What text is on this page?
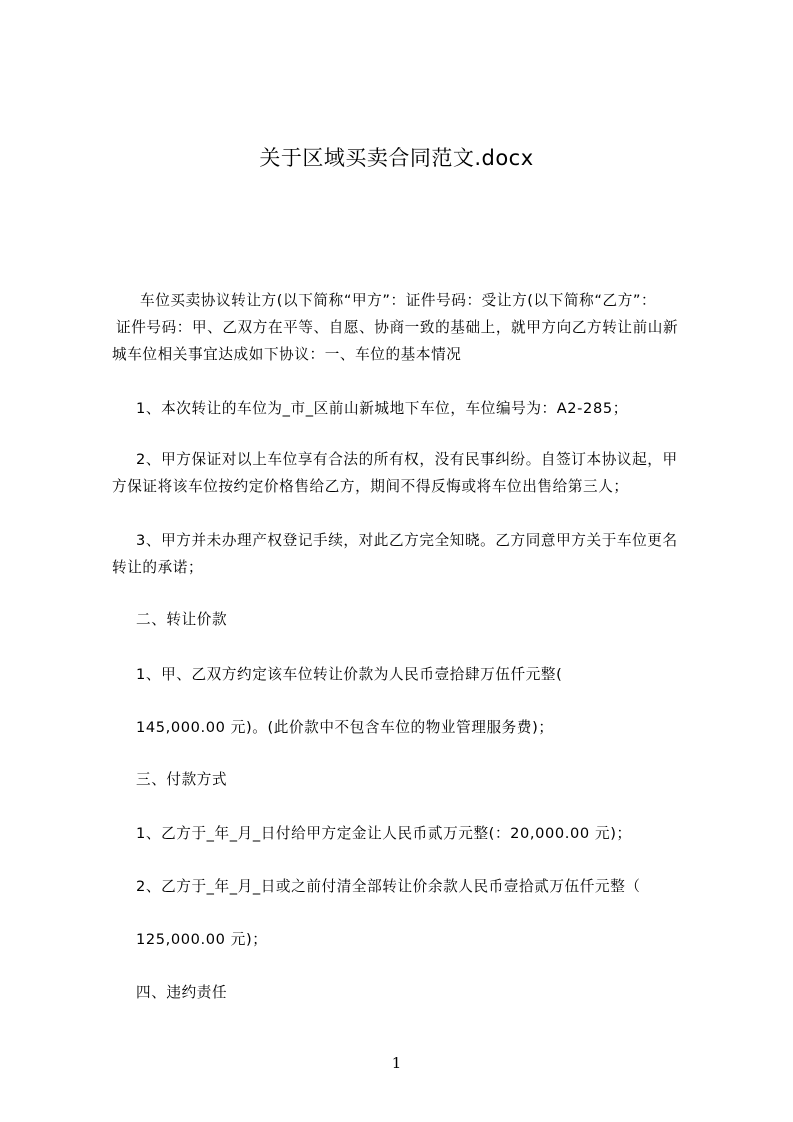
关于区域买卖合同范文.docx
车位买卖协议转让方(以下简称“甲方”：证件号码：受让方(以下简称“乙方”：
证件号码：甲、乙双方在平等、自愿、协商一致的基础上，就甲方向乙方转让前山新
城车位相关事宜达成如下协议：一、车位的基本情况
1、本次转让的车位为_市_区前山新城地下车位，车位编号为：A2-285；
2、甲方保证对以上车位享有合法的所有权，没有民事纠纷。自签订本协议起，甲
方保证将该车位按约定价格售给乙方，期间不得反悔或将车位出售给第三人；
3、甲方并未办理产权登记手续，对此乙方完全知晓。乙方同意甲方关于车位更名
转让的承诺；
二、转让价款
1、甲、乙双方约定该车位转让价款为人民币壹拾肆万伍仟元整(
145,000.00 元)。(此价款中不包含车位的物业管理服务费)；
三、付款方式
1、乙方于_年_月_日付给甲方定金让人民币贰万元整(：20,000.00 元)；
2、乙方于_年_月_日或之前付清全部转让价余款人民币壹拾贰万伍仟元整（
125,000.00 元)；
四、违约责任
1
